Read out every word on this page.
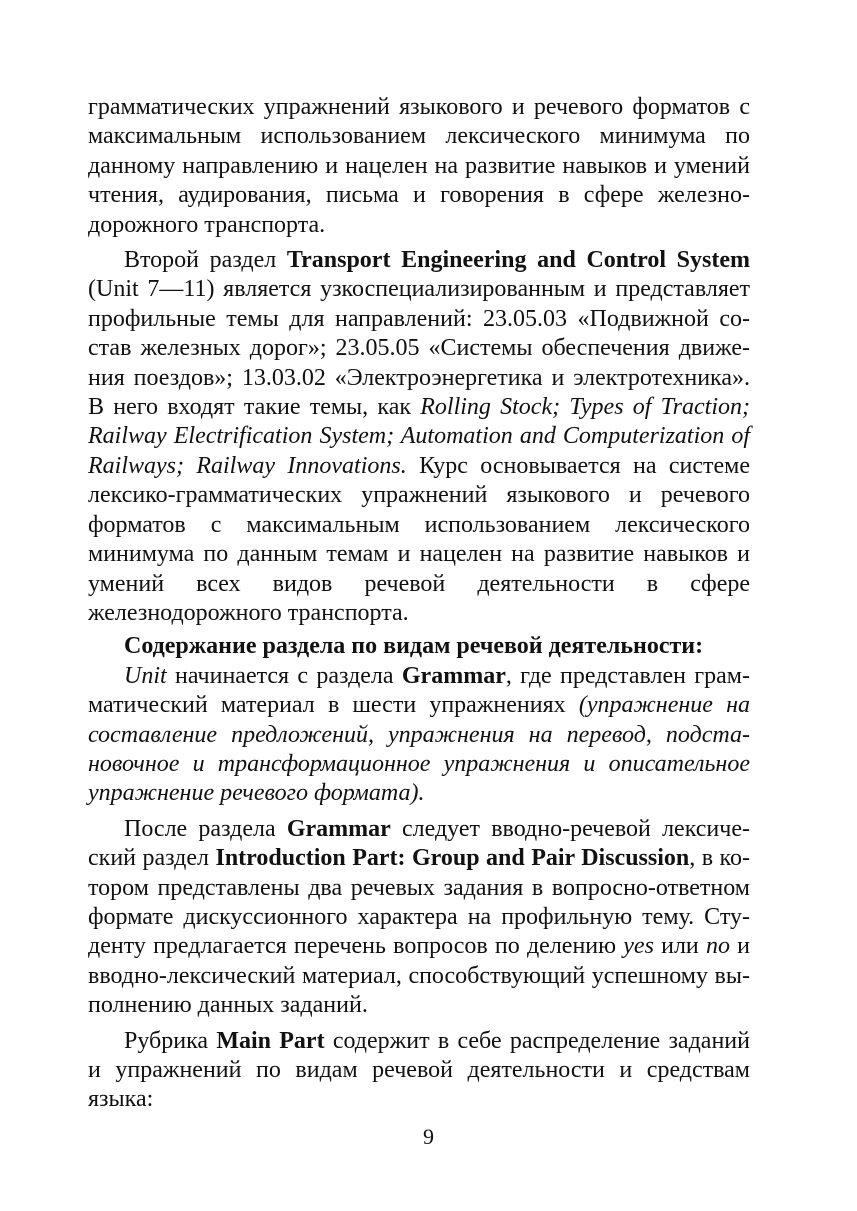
грамматических упражнений языкового и речевого форматов с максимальным использованием лексического минимума по данному направлению и нацелен на развитие навыков и умений чтения, аудирования, письма и говорения в сфере железнодорожного транспорта.

Второй раздел Transport Engineering and Control System (Unit 7—11) является узкоспециализированным и представляет профильные темы для направлений: 23.05.03 «Подвижной состав железных дорог»; 23.05.05 «Системы обеспечения движения поездов»; 13.03.02 «Электроэнергетика и электротехника». В него входят такие темы, как Rolling Stock; Types of Traction; Railway Electrification System; Automation and Computerization of Railways; Railway Innovations. Курс основывается на системе лексико-грамматических упражнений языкового и речевого форматов с максимальным использованием лексического минимума по данным темам и нацелен на развитие навыков и умений всех видов речевой деятельности в сфере железнодорожного транспорта.

Содержание раздела по видам речевой деятельности:

Unit начинается с раздела Grammar, где представлен грамматический материал в шести упражнениях (упражнение на составление предложений, упражнения на перевод, подстановочное и трансформационное упражнения и описательное упражнение речевого формата).

После раздела Grammar следует вводно-речевой лексический раздел Introduction Part: Group and Pair Discussion, в котором представлены два речевых задания в вопросно-ответном формате дискуссионного характера на профильную тему. Студенту предлагается перечень вопросов по делению yes или no и вводно-лексический материал, способствующий успешному выполнению данных заданий.

Рубрика Main Part содержит в себе распределение заданий и упражнений по видам речевой деятельности и средствам языка:

9
